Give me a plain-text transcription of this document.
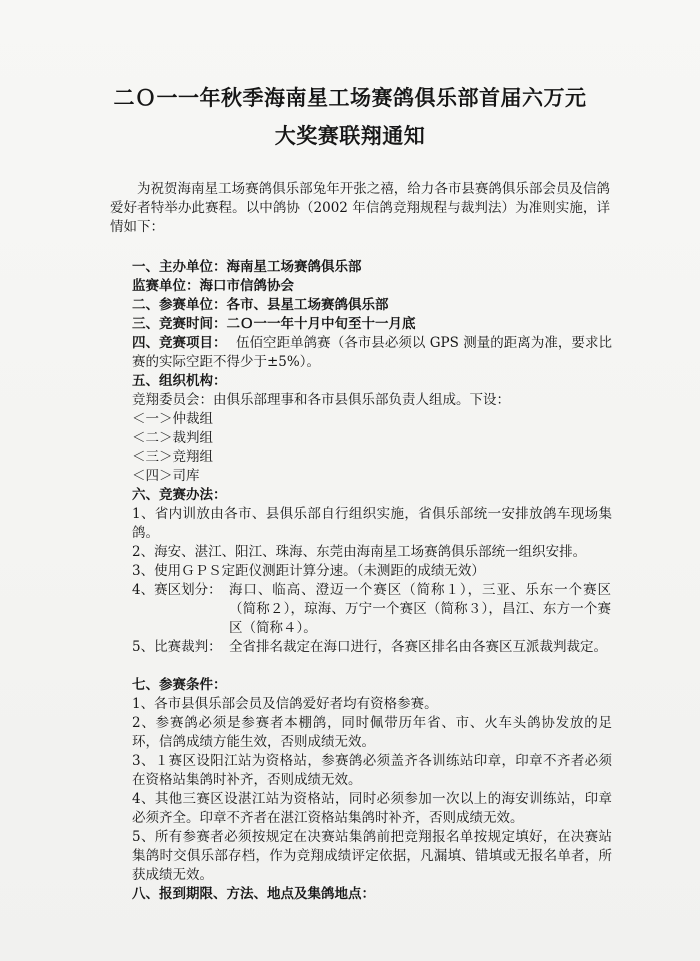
二Ｏ一一年秋季海南星工场赛鸽俱乐部首届六万元
大奖赛联翔通知

为祝贺海南星工场赛鸽俱乐部兔年开张之禧，给力各市县赛鸽俱乐部会员及信鸽爱好者特举办此赛程。以中鸽协（2002 年信鸽竞翔规程与裁判法）为准则实施，详情如下：

一、主办单位：海南星工场赛鸽俱乐部

监赛单位：海口市信鸽协会

二、参赛单位：各市、县星工场赛鸽俱乐部

三、竞赛时间：二Ｏ一一年十月中旬至十一月底

四、竞赛项目： 伍佰空距单鸽赛（各市县必须以 GPS 测量的距离为准，要求比赛的实际空距不得少于±5%）。

五、组织机构：

竞翔委员会：由俱乐部理事和各市县俱乐部负责人组成。下设：

＜一＞仲裁组

＜二＞裁判组

＜三＞竞翔组

＜四＞司库

六、竞赛办法：

1、省内训放由各市、县俱乐部自行组织实施，省俱乐部统一安排放鸽车现场集鸽。

2、海安、湛江、阳江、珠海、东莞由海南星工场赛鸽俱乐部统一组织安排。

3、使用ＧＰＳ定距仪测距计算分速。（未测距的成绩无效）

4、赛区划分： 海口、临高、澄迈一个赛区（简称１），三亚、乐东一个赛区（简称２），琼海、万宁一个赛区（简称３），昌江、东方一个赛区（简称４）。

5、比赛裁判： 全省排名裁定在海口进行，各赛区排名由各赛区互派裁判裁定。

七、参赛条件：

1、各市县俱乐部会员及信鸽爱好者均有资格参赛。

2、参赛鸽必须是参赛者本棚鸽，同时佩带历年省、市、火车头鸽协发放的足环，信鸽成绩方能生效，否则成绩无效。

3、１赛区设阳江站为资格站，参赛鸽必须盖齐各训练站印章，印章不齐者必须在资格站集鸽时补齐，否则成绩无效。

4、其他三赛区设湛江站为资格站，同时必须参加一次以上的海安训练站，印章必须齐全。印章不齐者在湛江资格站集鸽时补齐，否则成绩无效。

5、所有参赛者必须按规定在决赛站集鸽前把竞翔报名单按规定填好，在决赛站集鸽时交俱乐部存档，作为竞翔成绩评定依据，凡漏填、错填或无报名单者，所获成绩无效。

八、报到期限、方法、地点及集鸽地点：
